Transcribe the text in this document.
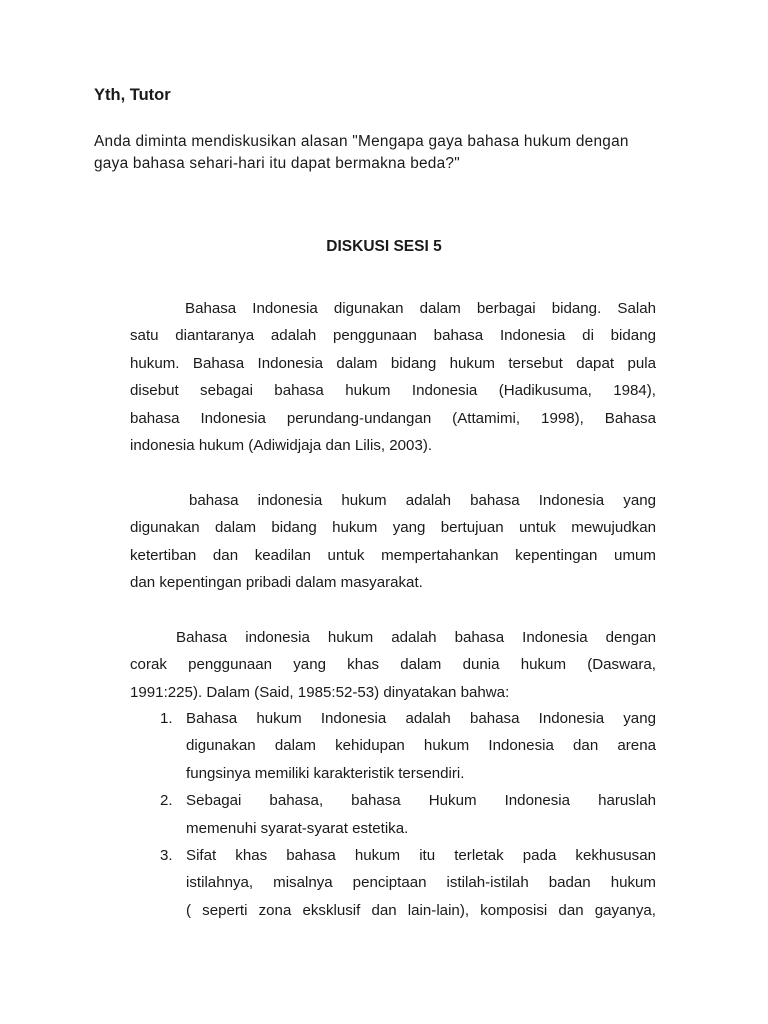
Yth, Tutor

Anda diminta mendiskusikan alasan "Mengapa gaya bahasa hukum dengan
gaya bahasa sehari-hari itu dapat bermakna beda?"

DISKUSI SESI 5

Bahasa Indonesia digunakan dalam berbagai bidang. Salah
satu diantaranya adalah penggunaan bahasa Indonesia di bidang
hukum. Bahasa Indonesia dalam bidang hukum tersebut dapat pula
disebut sebagai bahasa hukum Indonesia (Hadikusuma, 1984),
bahasa Indonesia perundang-undangan (Attamimi, 1998), Bahasa
indonesia hukum (Adiwidjaja dan Lilis, 2003).

bahasa indonesia hukum adalah bahasa Indonesia yang
digunakan dalam bidang hukum yang bertujuan untuk mewujudkan
ketertiban dan keadilan untuk mempertahankan kepentingan umum
dan kepentingan pribadi dalam masyarakat.

Bahasa indonesia hukum adalah bahasa Indonesia dengan
corak penggunaan yang khas dalam dunia hukum (Daswara,
1991:225). Dalam (Said, 1985:52-53) dinyatakan bahwa:

1. Bahasa hukum Indonesia adalah bahasa Indonesia yang
digunakan dalam kehidupan hukum Indonesia dan arena
fungsinya memiliki karakteristik tersendiri.
2. Sebagai bahasa, bahasa Hukum Indonesia haruslah
memenuhi syarat-syarat estetika.
3. Sifat khas bahasa hukum itu terletak pada kekhususan
istilahnya, misalnya penciptaan istilah-istilah badan hukum
( seperti zona eksklusif dan lain-lain), komposisi dan gayanya,
